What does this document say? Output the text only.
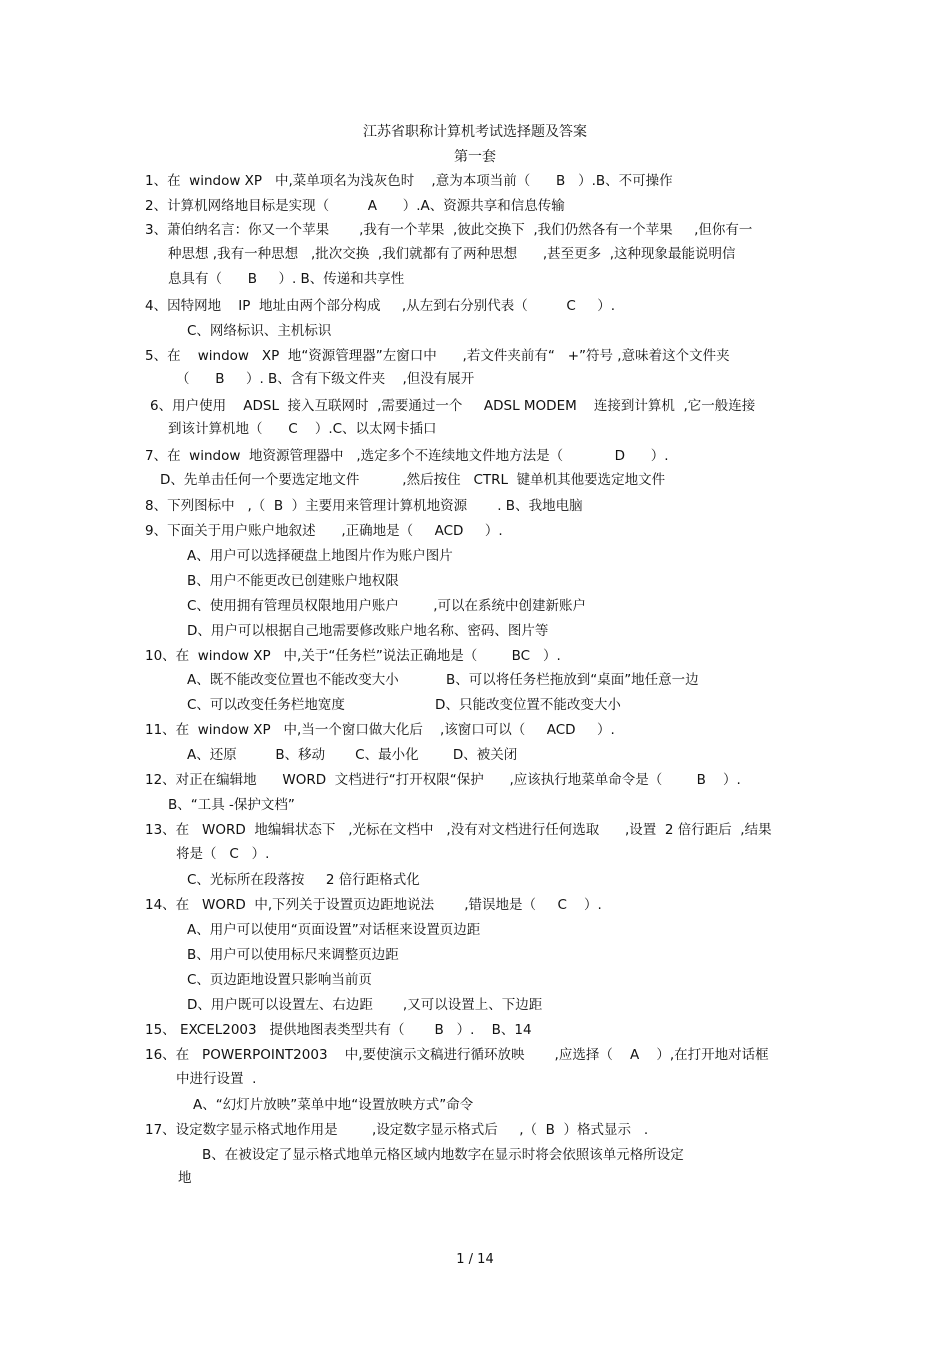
江苏省职称计算机考试选择题及答案
第一套
1、在  window XP   中,菜单项名为浅灰色时    ,意为本项当前（      B   ）.B、不可操作
2、计算机网络地目标是实现（         A      ）.A、资源共享和信息传输
3、萧伯纳名言：你又一个苹果       ,我有一个苹果  ,彼此交换下  ,我们仍然各有一个苹果     ,但你有一
种思想 ,我有一种思想   ,批次交换  ,我们就都有了两种思想      ,甚至更多  ,这种现象最能说明信
息具有（      B     ）. B、传递和共享性
4、因特网地    IP  地址由两个部分构成     ,从左到右分别代表（         C     ）.
C、网络标识、主机标识
5、在    window   XP  地“资源管理器”左窗口中      ,若文件夹前有“   +”符号 ,意味着这个文件夹
（      B     ）. B、含有下级文件夹    ,但没有展开
6、用户使用    ADSL  接入互联网时  ,需要通过一个     ADSL MODEM    连接到计算机  ,它一般连接
到该计算机地（      C    ）.C、以太网卡插口
7、在  window  地资源管理器中   ,选定多个不连续地文件地方法是（            D      ）.
D、先单击任何一个要选定地文件          ,然后按住   CTRL  键单机其他要选定地文件
8、下列图标中   ,（  B  ）主要用来管理计算机地资源       . B、我地电脑
9、下面关于用户账户地叙述      ,正确地是（     ACD     ）.
A、用户可以选择硬盘上地图片作为账户图片
B、用户不能更改已创建账户地权限
C、使用拥有管理员权限地用户账户        ,可以在系统中创建新账户
D、用户可以根据自己地需要修改账户地名称、密码、图片等
10、在  window XP   中,关于“任务栏”说法正确地是（        BC   ）.
A、既不能改变位置也不能改变大小           B、可以将任务栏拖放到“桌面”地任意一边
C、可以改变任务栏地宽度                     D、只能改变位置不能改变大小
11、在  window XP   中,当一个窗口做大化后    ,该窗口可以（     ACD     ）.
A、还原         B、移动       C、最小化        D、被关闭
12、对正在编辑地      WORD  文档进行“打开权限“保护      ,应该执行地菜单命令是（        B    ）.
B、“工具 -保护文档”
13、在   WORD  地编辑状态下   ,光标在文档中   ,没有对文档进行任何选取      ,设置  2 倍行距后  ,结果
将是（   C   ）.
C、光标所在段落按     2 倍行距格式化
14、在   WORD  中,下列关于设置页边距地说法       ,错误地是（     C    ）.
A、用户可以使用“页面设置”对话框来设置页边距
B、用户可以使用标尺来调整页边距
C、页边距地设置只影响当前页
D、用户既可以设置左、右边距       ,又可以设置上、下边距
15、 EXCEL2003   提供地图表类型共有（       B   ）.    B、14
16、在   POWERPOINT2003    中,要使演示文稿进行循环放映       ,应选择（    A    ）,在打开地对话框
中进行设置  .
A、“幻灯片放映”菜单中地“设置放映方式”命令
17、设定数字显示格式地作用是        ,设定数字显示格式后     ,（  B  ）格式显示   .
B、在被设定了显示格式地单元格区域内地数字在显示时将会依照该单元格所设定
地
1 / 14
